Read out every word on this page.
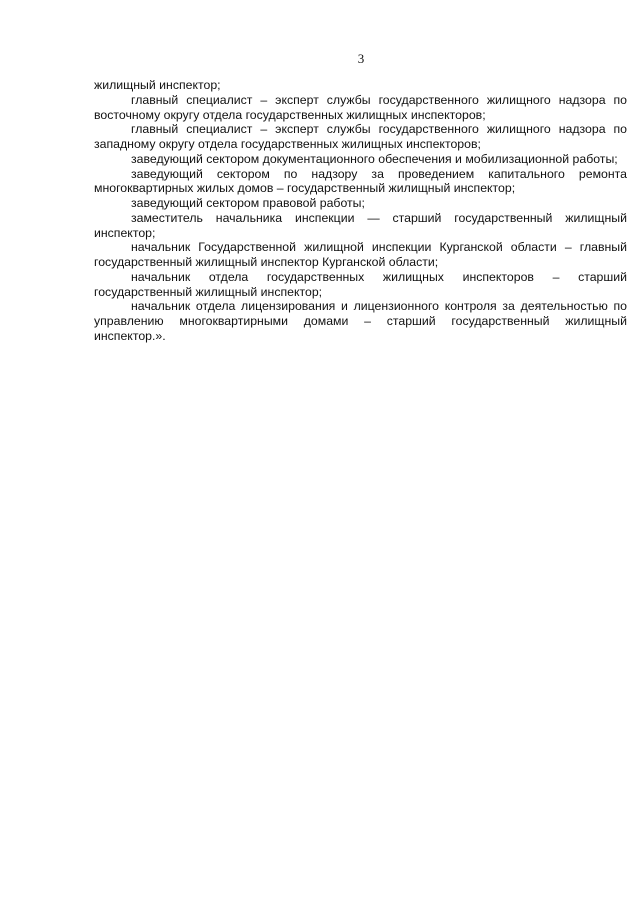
3

жилищный инспектор;

главный специалист – эксперт службы государственного жилищного надзора по восточному округу отдела государственных жилищных инспекторов;

главный специалист – эксперт службы государственного жилищного надзора по западному округу отдела государственных жилищных инспекторов;

заведующий сектором документационного обеспечения и мобилизационной работы;

заведующий сектором по надзору за проведением капитального ремонта многоквартирных жилых домов – государственный жилищный инспектор;

заведующий сектором правовой работы;

заместитель начальника инспекции — старший государственный жилищный инспектор;

начальник Государственной жилищной инспекции Курганской области – главный государственный жилищный инспектор Курганской области;

начальник отдела государственных жилищных инспекторов – старший государственный жилищный инспектор;

начальник отдела лицензирования и лицензионного контроля за деятельностью по управлению многоквартирными домами – старший государственный жилищный инспектор.».
